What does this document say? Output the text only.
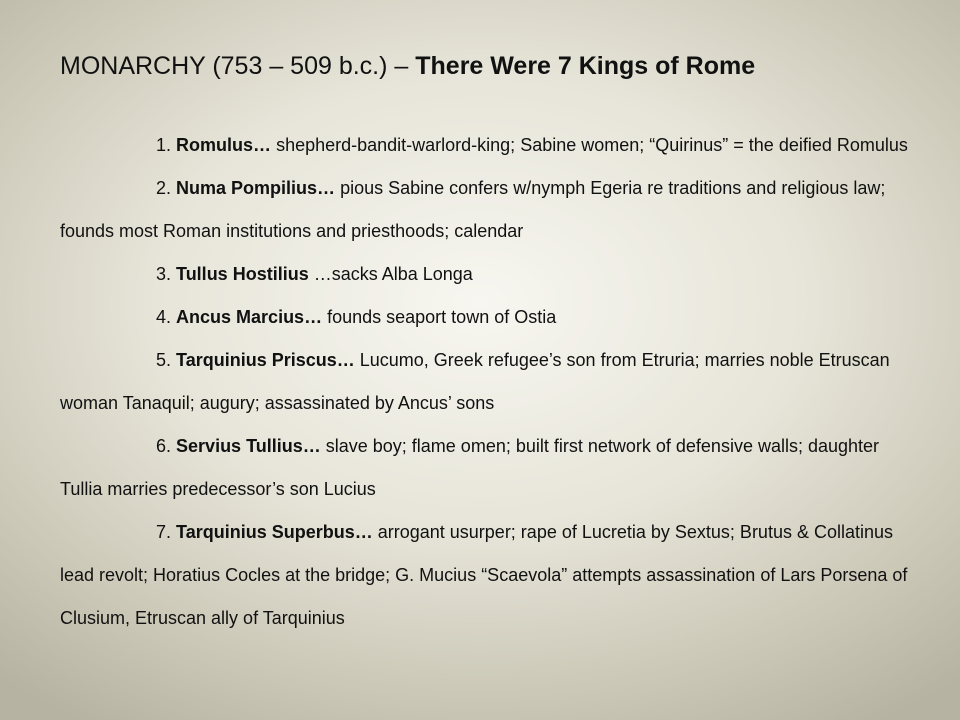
MONARCHY (753 – 509 b.c.) – There Were 7 Kings of Rome

1. Romulus… shepherd-bandit-warlord-king; Sabine women; “Quirinus” = the deified Romulus

2. Numa Pompilius… pious Sabine confers w/nymph Egeria re traditions and religious law; founds most Roman institutions and priesthoods; calendar

3. Tullus Hostilius …sacks Alba Longa

4. Ancus Marcius… founds seaport town of Ostia

5. Tarquinius Priscus… Lucumo, Greek refugee’s son from Etruria; marries noble Etruscan woman Tanaquil; augury; assassinated by Ancus’ sons

6. Servius Tullius… slave boy; flame omen; built first network of defensive walls; daughter Tullia marries predecessor’s son Lucius

7. Tarquinius Superbus… arrogant usurper; rape of Lucretia by Sextus; Brutus & Collatinus lead revolt; Horatius Cocles at the bridge; G. Mucius “Scaevola” attempts assassination of Lars Porsena of Clusium, Etruscan ally of Tarquinius
